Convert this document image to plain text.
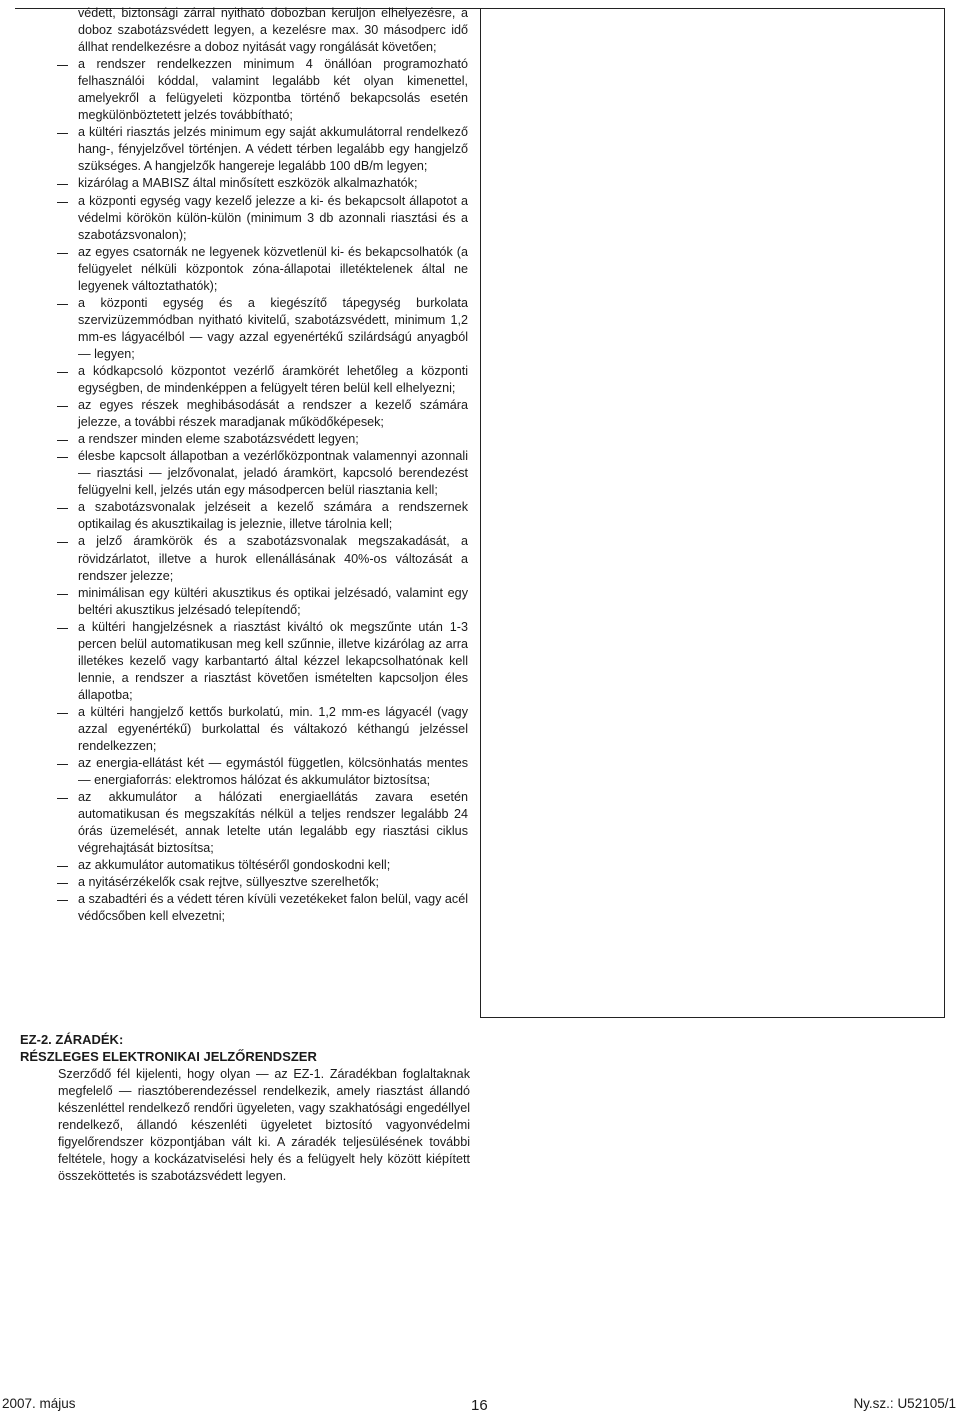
védett, biztonsági zárral nyitható dobozban kerüljön elhelyezésre, a doboz szabotázsvédett legyen, a kezelésre max. 30 másodperc idő állhat rendelkezésre a doboz nyitását vagy rongálását követően;
a rendszer rendelkezzen minimum 4 önállóan programozható felhasználói kóddal, valamint legalább két olyan kimenettel, amelyekről a felügyeleti központba történő bekapcsolás esetén megkülönböztetett jelzés továbbítható;
a kültéri riasztás jelzés minimum egy saját akkumulátorral rendelkező hang-, fényjelzővel történjen. A védett térben legalább egy hangjelző szükséges. A hangjelzők hangereje legalább 100 dB/m legyen;
kizárólag a MABISZ által minősített eszközök alkalmazhatók;
a központi egység vagy kezelő jelezze a ki- és bekapcsolt állapotot a védelmi körökön külön-külön (minimum 3 db azonnali riasztási és a szabotázsvonalon);
az egyes csatornák ne legyenek közvetlenül ki- és bekapcsolhatók (a felügyelet nélküli központok zóna-állapotai illetéktelenek által ne legyenek változtathatók);
a központi egység és a kiegészítő tápegység burkolata szervizüzemmódban nyitható kivitelű, szabotázsvédett, minimum 1,2 mm-es lágyacélból — vagy azzal egyenértékű szilárdságú anyagból — legyen;
a kódkapcsoló központot vezérlő áramkörét lehetőleg a központi egységben, de mindenképpen a felügyelt téren belül kell elhelyezni;
az egyes részek meghibásodását a rendszer a kezelő számára jelezze, a további részek maradjanak működőképesek;
a rendszer minden eleme szabotázsvédett legyen;
élesbe kapcsolt állapotban a vezérlőközpontnak valamennyi azonnali — riasztási — jelzővonalat, jeladó áramkört, kapcsoló berendezést felügyelni kell, jelzés után egy másodpercen belül riasztania kell;
a szabotázsvonalak jelzéseit a kezelő számára a rendszernek optikailag és akusztikailag is jeleznie, illetve tárolnia kell;
a jelző áramkörök és a szabotázsvonalak megszakadását, a rövidzárlatot, illetve a hurok ellenállásának 40%-os változását a rendszer jelezze;
minimálisan egy kültéri akusztikus és optikai jelzésadó, valamint egy beltéri akusztikus jelzésadó telepítendő;
a kültéri hangjelzésnek a riasztást kiváltó ok megszűnte után 1-3 percen belül automatikusan meg kell szűnnie, illetve kizárólag az arra illetékes kezelő vagy karbantartó által kézzel lekapcsolhatónak kell lennie, a rendszer a riasztást követően ismételten kapcsoljon éles állapotba;
a kültéri hangjelző kettős burkolatú, min. 1,2 mm-es lágyacél (vagy azzal egyenértékű) burkolattal és váltakozó kéthangú jelzéssel rendelkezzen;
az energia-ellátást két — egymástól független, kölcsönhatás mentes — energiaforrás: elektromos hálózat és akkumulátor biztosítsa;
az akkumulátor a hálózati energiaellátás zavara esetén automatikusan és megszakítás nélkül a teljes rendszer legalább 24 órás üzemelését, annak letelte után legalább egy riasztási ciklus végrehajtását biztosítsa;
az akkumulátor automatikus töltéséről gondoskodni kell;
a nyitásérzékelők csak rejtve, süllyesztve szerelhetők;
a szabadtéri és a védett téren kívüli vezetékeket falon belül, vagy acél védőcsőben kell elvezetni;
EZ-2. ZÁRADÉK:
RÉSZLEGES ELEKTRONIKAI JELZŐRENDSZER
Szerződő fél kijelenti, hogy olyan — az EZ-1. Záradékban foglaltaknak megfelelő — riasztóberendezéssel rendelkezik, amely riasztást állandó készenléttel rendelkező rendőri ügyeleten, vagy szakhatósági engedéllyel rendelkező, állandó készenléti ügyeletet biztosító vagyonvédelmi figyelőrendszer központjában vált ki. A záradék teljesülésének további feltétele, hogy a kockázatviselési hely és a felügyelt hely között kiépített összeköttetés is szabotázsvédett legyen.
2007. május	16	Ny.sz.: U52105/1
